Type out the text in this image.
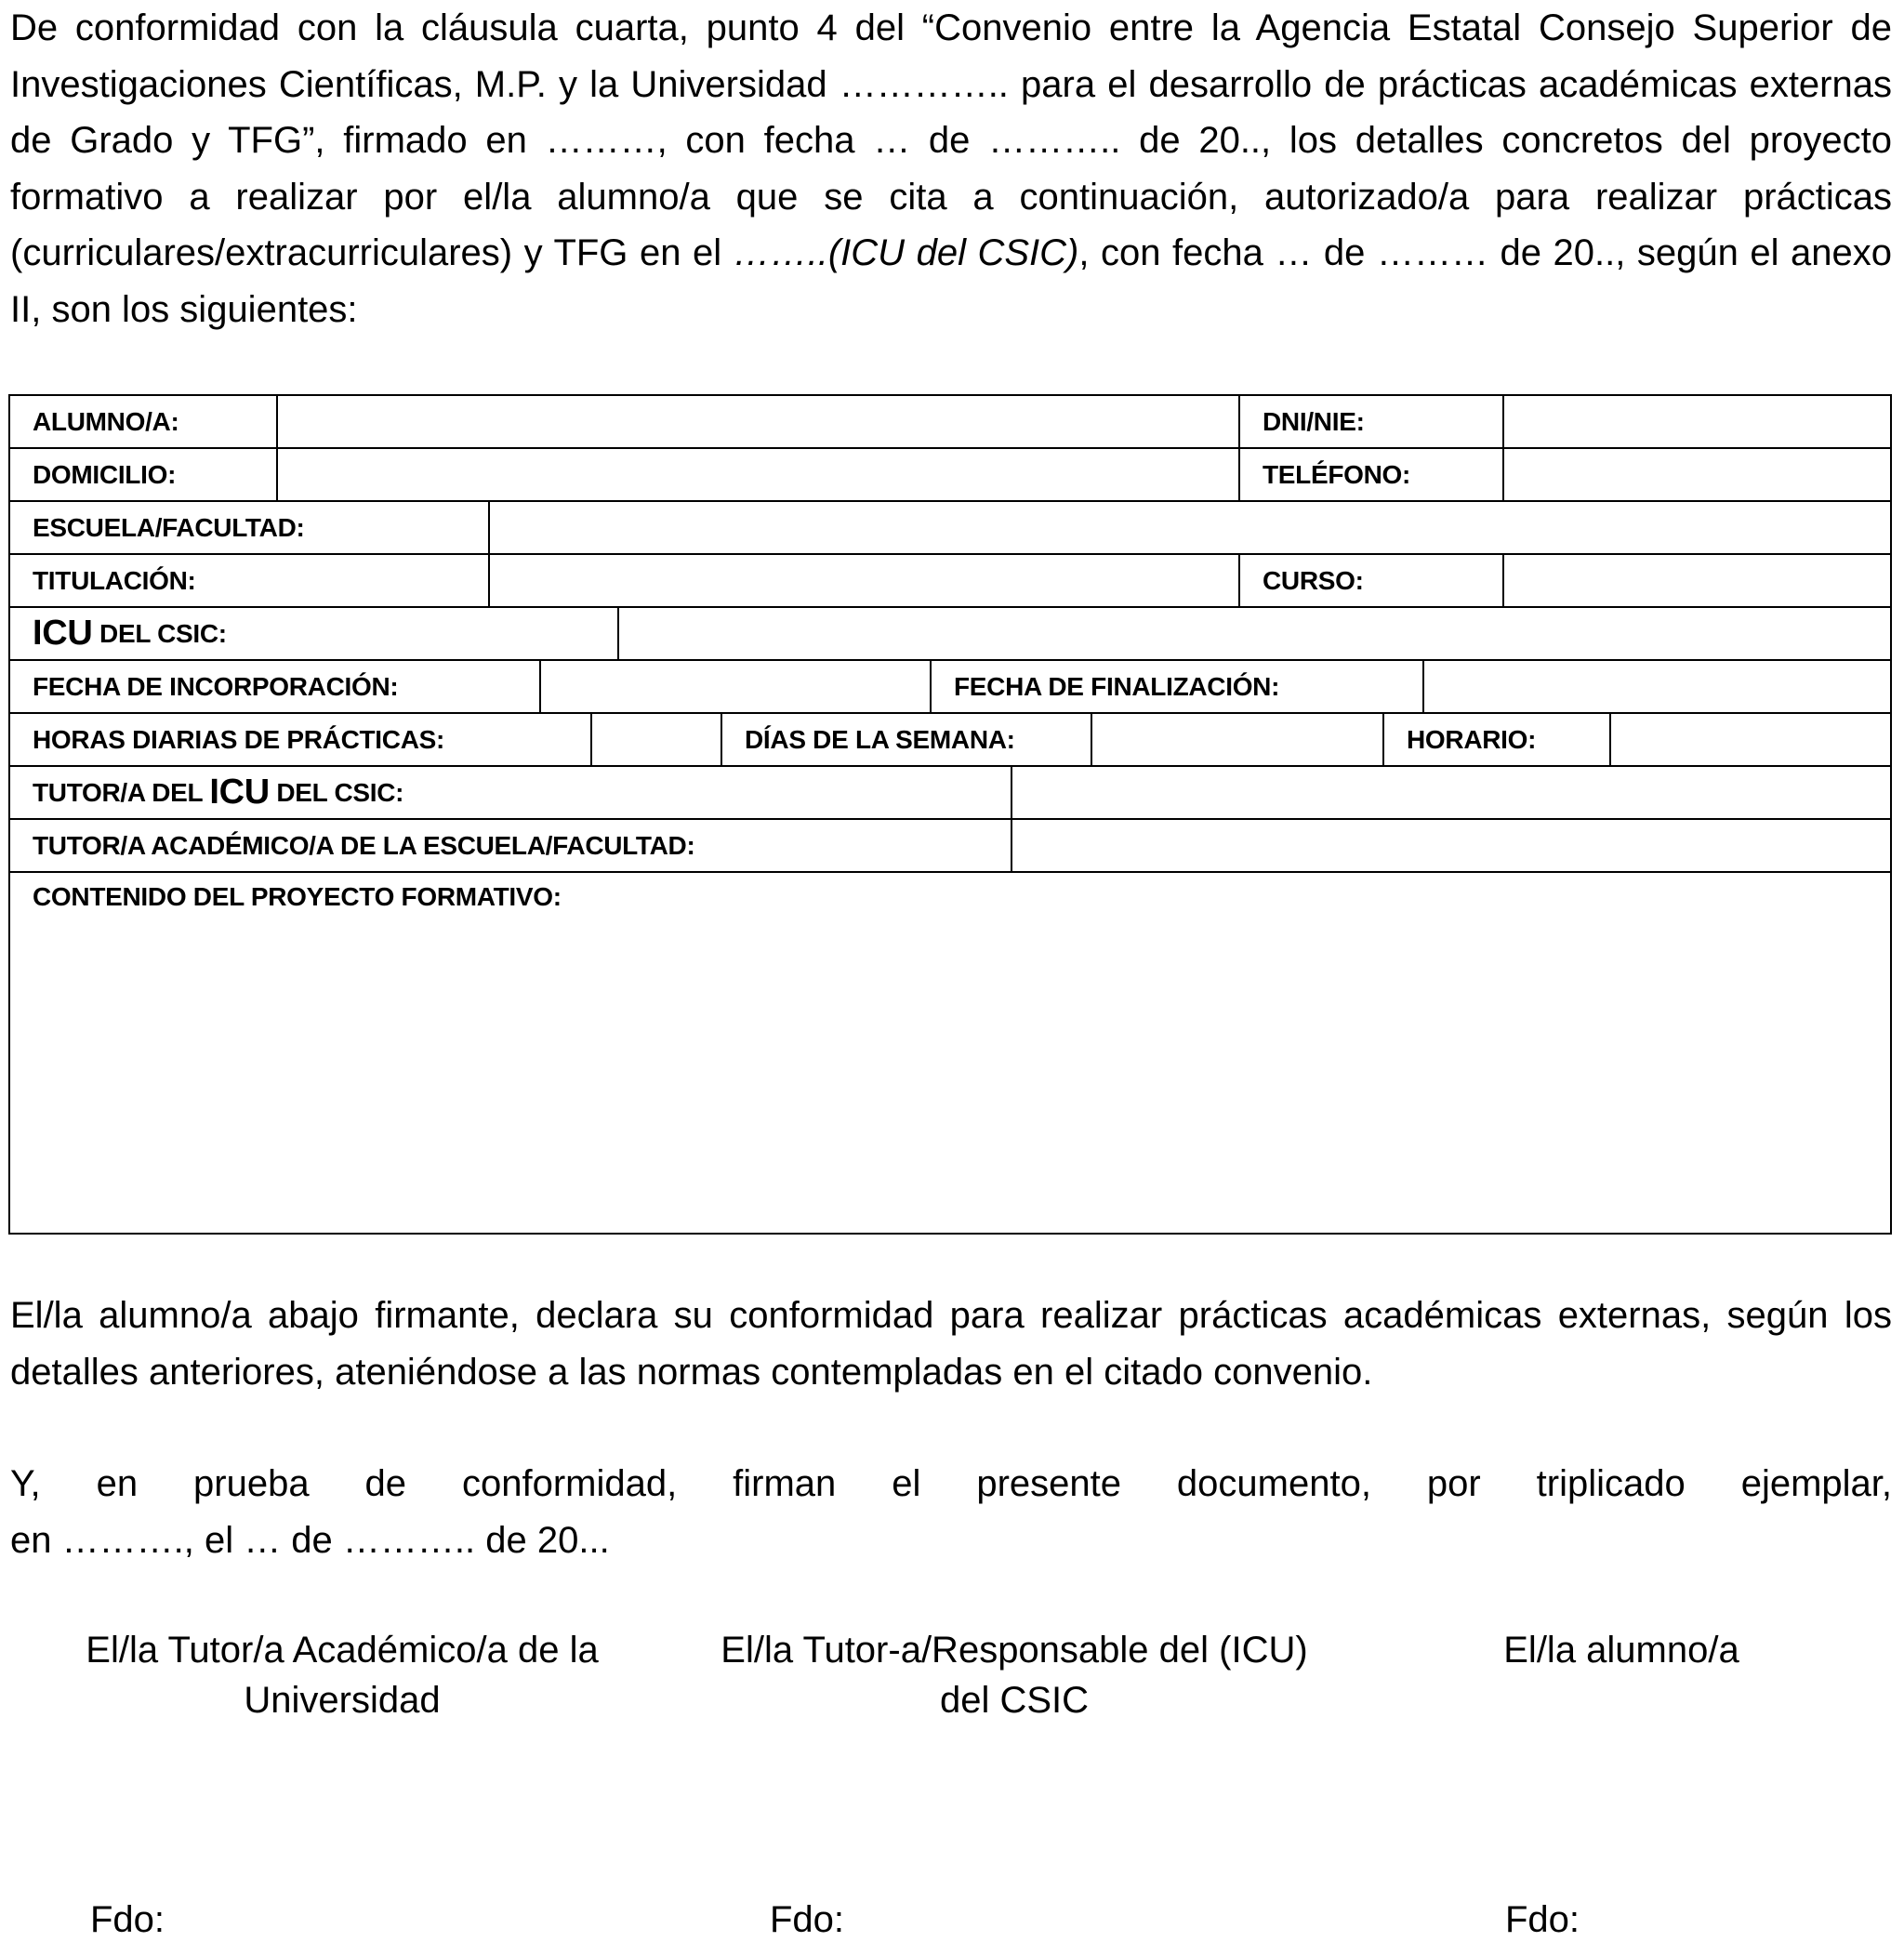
De conformidad con la cláusula cuarta, punto 4 del “Convenio entre la Agencia Estatal Consejo Superior de Investigaciones Científicas, M.P. y la Universidad ………….. para el desarrollo de prácticas académicas externas de Grado y TFG”, firmado en ………, con fecha … de ……….. de 20.., los detalles concretos del proyecto formativo a realizar por el/la alumno/a que se cita a continuación, autorizado/a para realizar prácticas (curriculares/extracurriculares) y TFG en el ……..(ICU del CSIC), con fecha … de ……… de 20.., según el anexo II, son los siguientes:

ALUMNO/A:	DNI/NIE:
DOMICILIO:	TELÉFONO:
ESCUELA/FACULTAD:
TITULACIÓN:	CURSO:
ICU DEL CSIC:
FECHA DE INCORPORACIÓN:	FECHA DE FINALIZACIÓN:
HORAS DIARIAS DE PRÁCTICAS:	DÍAS DE LA SEMANA:	HORARIO:
TUTOR/A DEL ICU DEL CSIC:
TUTOR/A ACADÉMICO/A DE LA ESCUELA/FACULTAD:
CONTENIDO DEL PROYECTO FORMATIVO:

El/la alumno/a abajo firmante, declara su conformidad para realizar prácticas académicas externas, según los detalles anteriores, ateniéndose a las normas contempladas en el citado convenio.

Y, en prueba de conformidad, firman el presente documento, por triplicado ejemplar,
en ………., el … de ……….. de 20...
El/la Tutor/a Académico/a de la
Universidad
El/la Tutor-a/Responsable del (ICU)
del CSIC
El/la alumno/a
Fdo:	Fdo:	Fdo:
